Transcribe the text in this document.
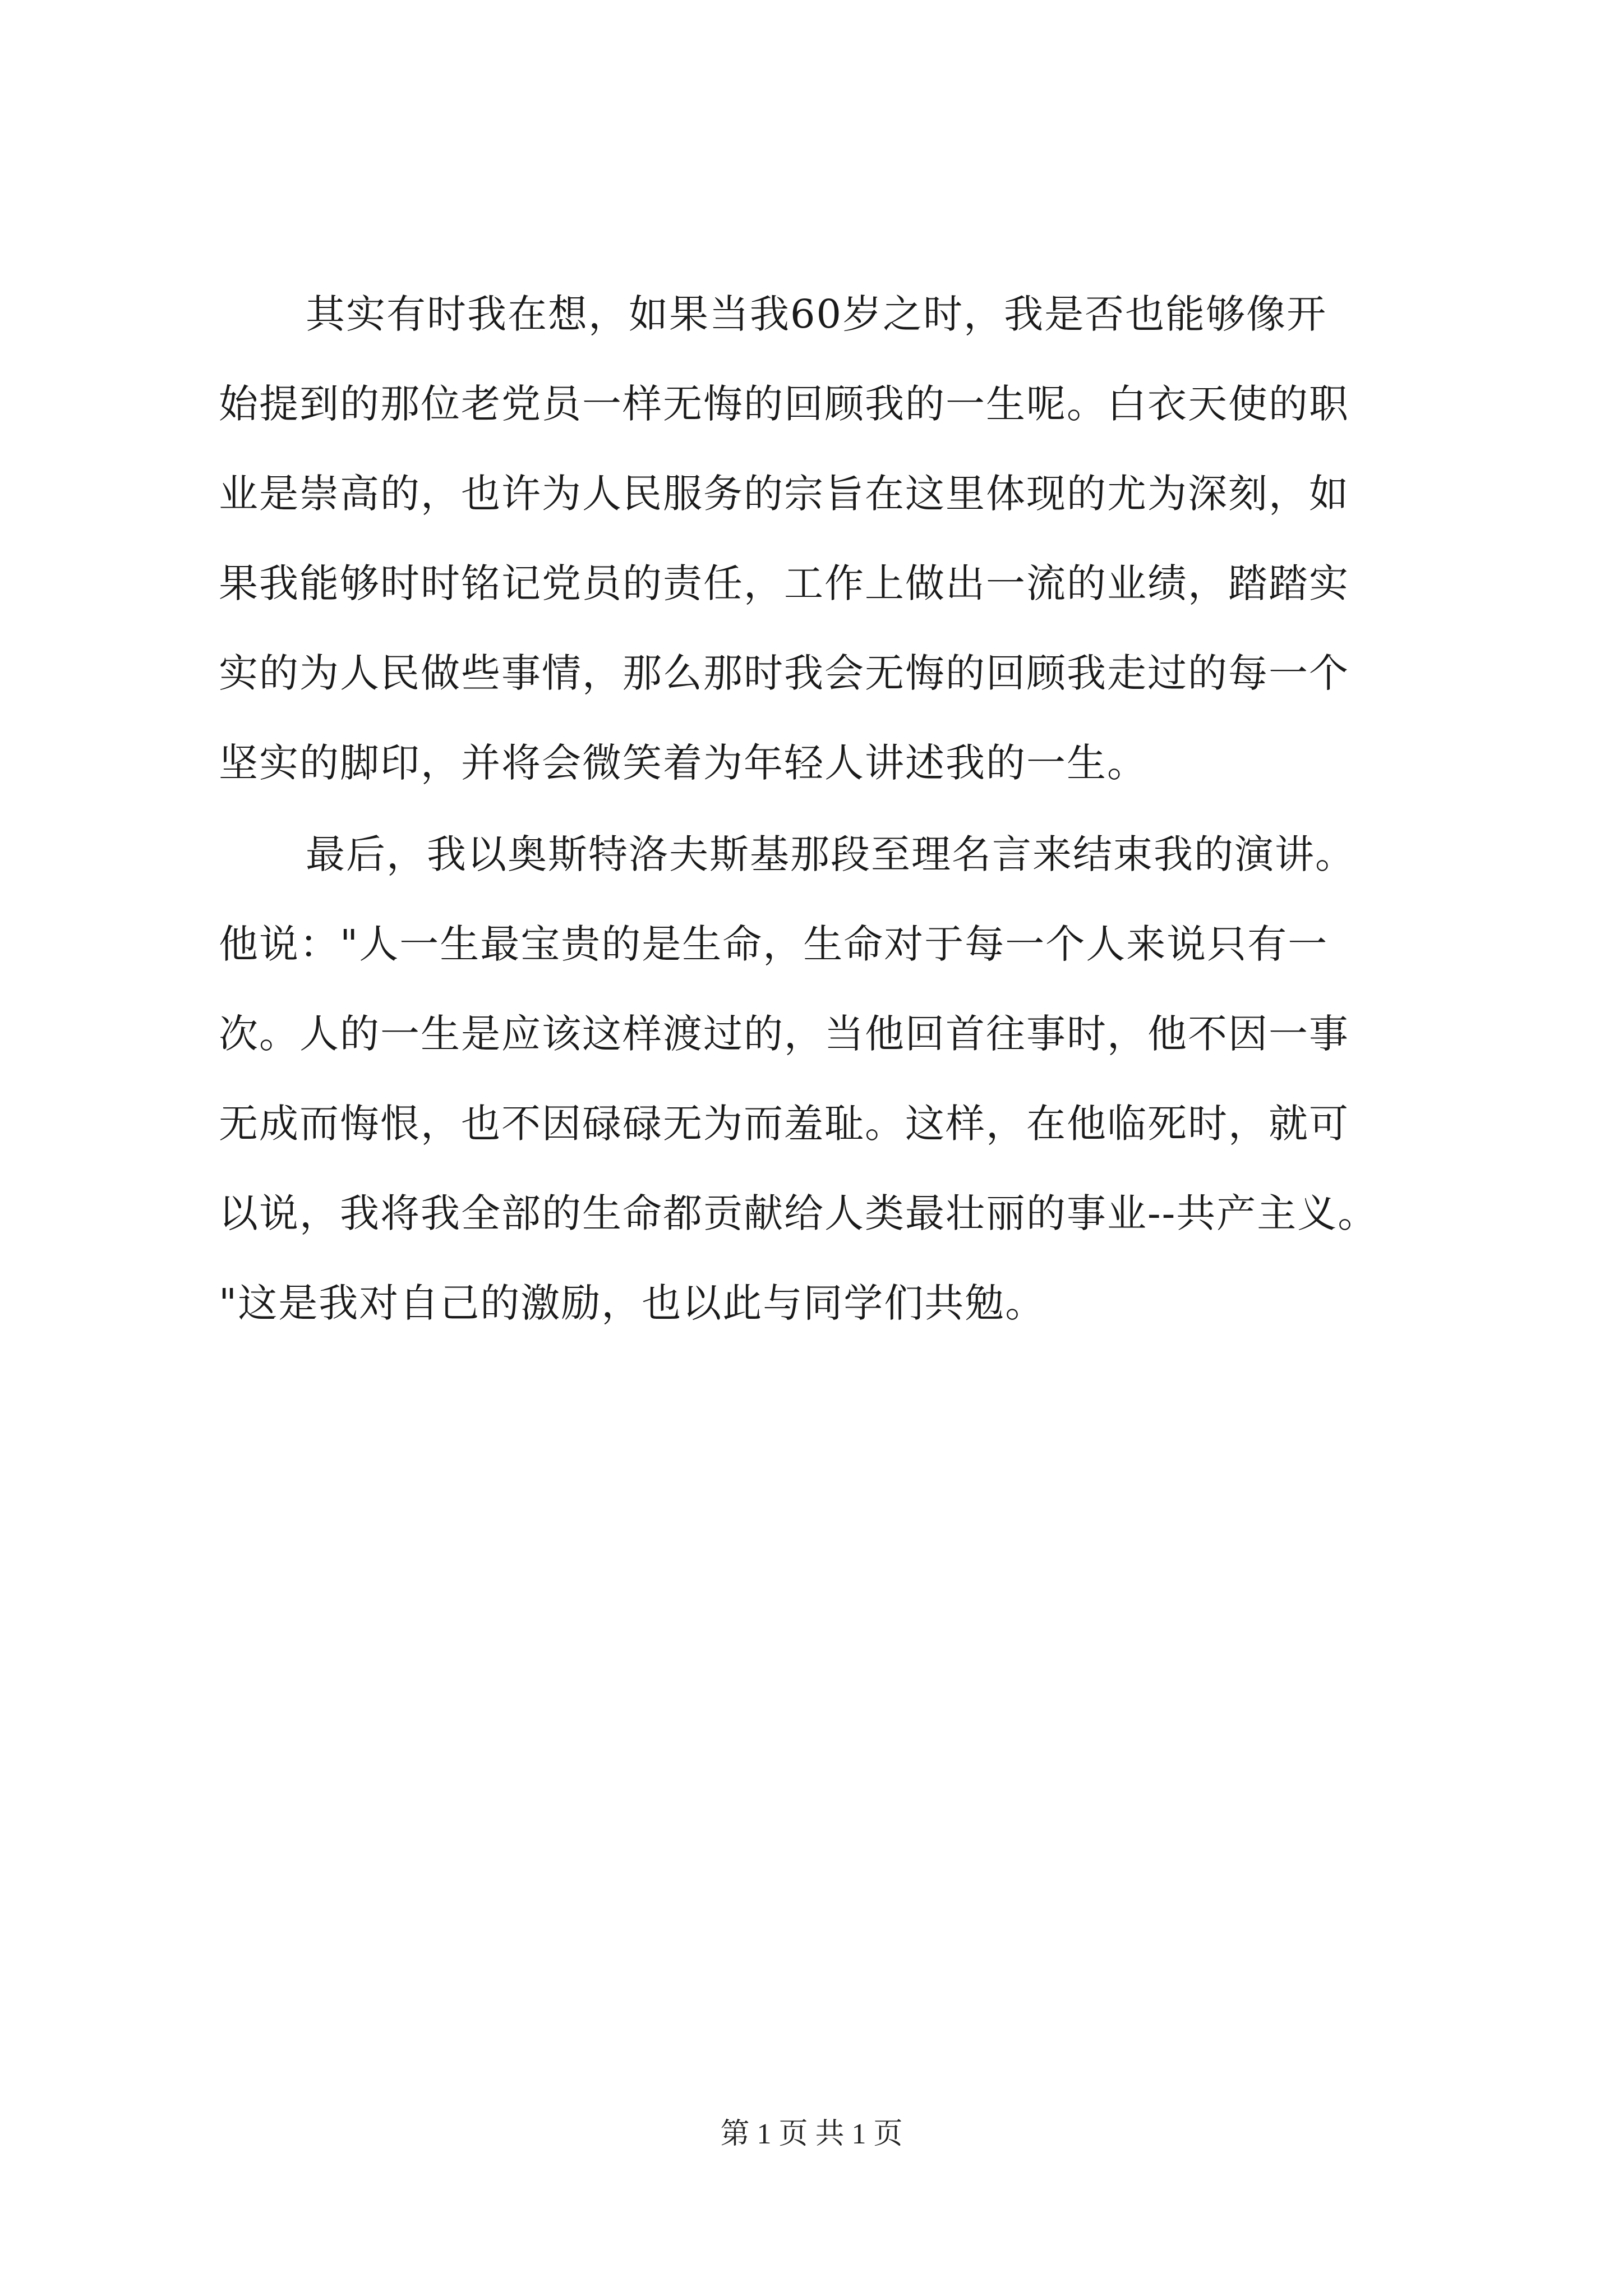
其实有时我在想，如果当我60岁之时，我是否也能够像开
始提到的那位老党员一样无悔的回顾我的一生呢。白衣天使的职
业是崇高的，也许为人民服务的宗旨在这里体现的尤为深刻，如
果我能够时时铭记党员的责任，工作上做出一流的业绩，踏踏实
实的为人民做些事情，那么那时我会无悔的回顾我走过的每一个
坚实的脚印，并将会微笑着为年轻人讲述我的一生。
最后，我以奥斯特洛夫斯基那段至理名言来结束我的演讲。
他说："人一生最宝贵的是生命，生命对于每一个人来说只有一
次。人的一生是应该这样渡过的，当他回首往事时，他不因一事
无成而悔恨，也不因碌碌无为而羞耻。这样，在他临死时，就可
以说，我将我全部的生命都贡献给人类最壮丽的事业--共产主义。
"这是我对自己的激励，也以此与同学们共勉。
第 1 页 共 1 页
